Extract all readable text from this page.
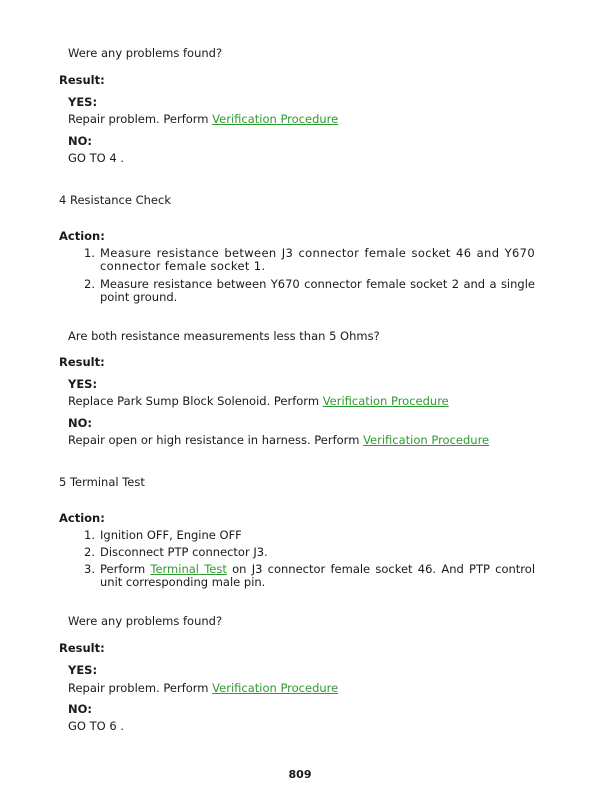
Were any problems found?
Result:
YES:
Repair problem. Perform Verification Procedure
NO:
GO TO 4 .
4 Resistance Check
Action:
1. Measure resistance between J3 connector female socket 46 and Y670 connector female socket 1.
2. Measure resistance between Y670 connector female socket 2 and a single point ground.
Are both resistance measurements less than 5 Ohms?
Result:
YES:
Replace Park Sump Block Solenoid. Perform Verification Procedure
NO:
Repair open or high resistance in harness. Perform Verification Procedure
5 Terminal Test
Action:
1. Ignition OFF, Engine OFF
2. Disconnect PTP connector J3.
3. Perform Terminal Test on J3 connector female socket 46. And PTP control unit corresponding male pin.
Were any problems found?
Result:
YES:
Repair problem. Perform Verification Procedure
NO:
GO TO 6 .
809
